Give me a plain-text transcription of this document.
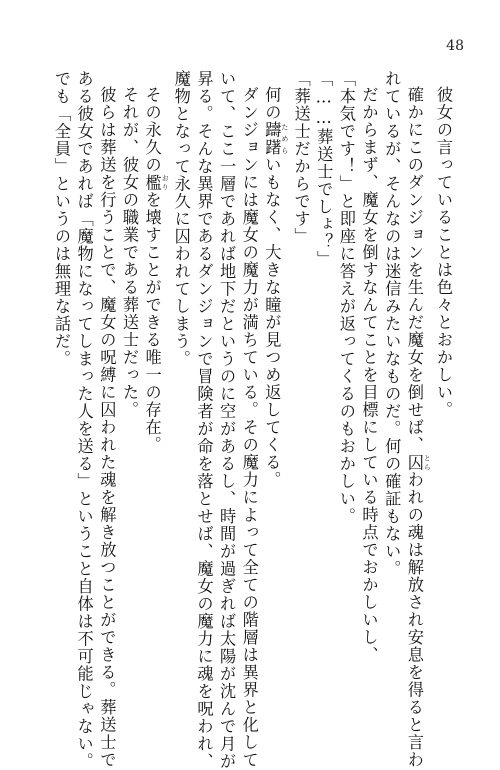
48

彼女の言っていることは色々とおかしい。

確かにこのダンジョンを生んだ魔女を倒せば、囚 とらわれの魂は解放され安息を得ると言わ

れているが、そんなのは迷信みたいなものだ。何の確証もない。

だからまず、魔女を倒すなんてことを目標にしている時点でおかしいし、

「本気です！」と即座に答えが返ってくるのもおかしい。

「……葬送士でしょ？」

「葬送士だからです」

何の躊躇 ためらいもなく、大きな瞳が見つめ返してくる。

ダンジョンには魔女の魔力が満ちている。その魔力によって全ての階層は異界と化して

いて、ここ一層であれば地下だというのに空があるし、時間が過ぎれば太陽が沈んで月が

昇る。そんな異界であるダンジョンで冒険者が命を落とせば、魔女の魔力に魂を呪われ、

魔物となって永久に囚われてしまう。

その永久の檻 おりを壊すことができる唯一の存在。

それが、彼女の職業である葬送士だった。

彼らは葬送を行うことで、魔女の呪縛に囚われた魂を解き放つことができる。葬送士で

ある彼女であれば「魔物になってしまった人を送る」ということ自体は不可能じゃない。

でも「全員」というのは無理な話だ。
